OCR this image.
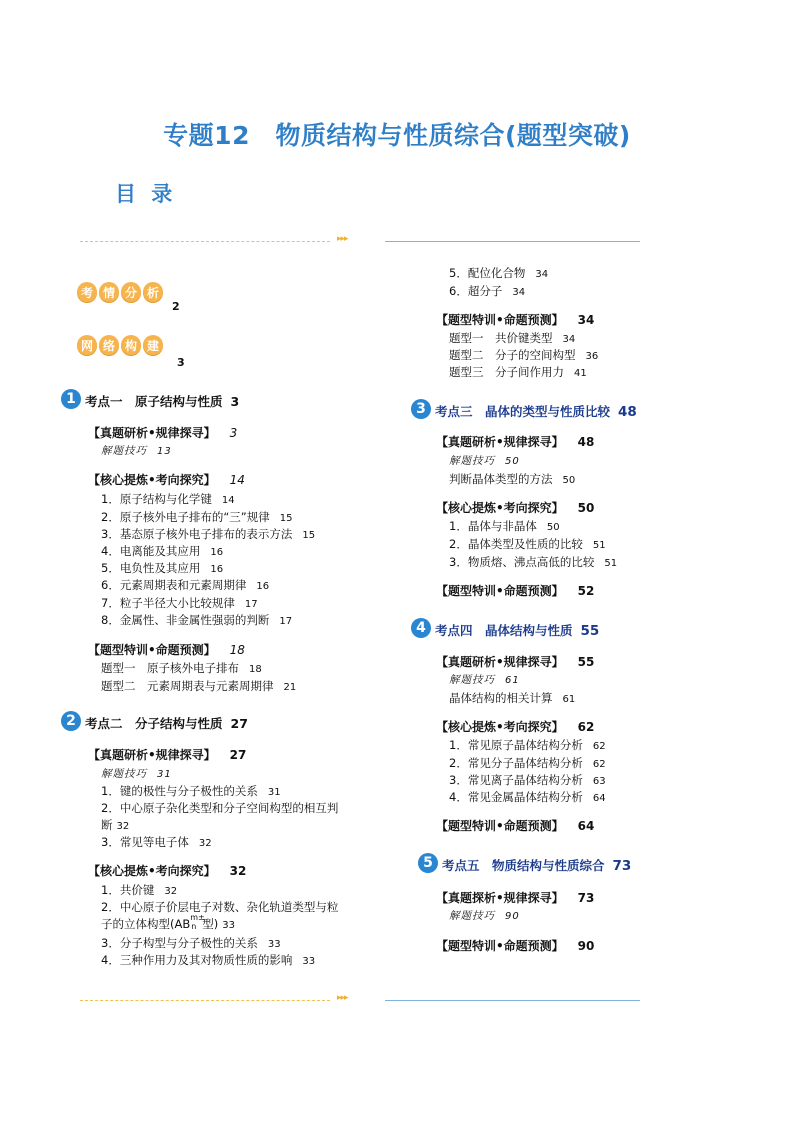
专题12　物质结构与性质综合(题型突破)
目 录
▸▸▸
考 情 分 析
2
网 络 构 建
3
1 考点一　原子结构与性质 3
【真题研析•规律探寻】 3
解题技巧 13
【核心提炼•考向探究】 14
1．原子结构与化学键 14
2．原子核外电子排布的“三”规律 15
3．基态原子核外电子排布的表示方法 15
4．电离能及其应用 16
5．电负性及其应用 16
6．元素周期表和元素周期律 16
7．粒子半径大小比较规律 17
8．金属性、非金属性强弱的判断 17
【题型特训•命题预测】 18
题型一　原子核外电子排布 18
题型二　元素周期表与元素周期律 21
2 考点二　分子结构与性质 27
【真题研析•规律探寻】 27
解题技巧 31
1．键的极性与分子极性的关系 31
2．中心原子杂化类型和分子空间构型的相互判
断 32
3．常见等电子体 32
【核心提炼•考向探究】 32
1．共价键 32
2．中心原子价层电子对数、杂化轨道类型与粒
子的立体构型(AB m±
n 型) 33
3．分子构型与分子极性的关系 33
4．三种作用力及其对物质性质的影响 33
5．配位化合物 34
6．超分子 34
【题型特训•命题预测】 34
题型一　共价键类型 34
题型二　分子的空间构型 36
题型三　分子间作用力 41
3 考点三　晶体的类型与性质比较 48
【真题研析•规律探寻】 48
解题技巧 50
判断晶体类型的方法 50
【核心提炼•考向探究】 50
1．晶体与非晶体 50
2．晶体类型及性质的比较 51
3．物质熔、沸点高低的比较 51
【题型特训•命题预测】 52
4 考点四　晶体结构与性质 55
【真题研析•规律探寻】 55
解题技巧 61
晶体结构的相关计算 61
【核心提炼•考向探究】 62
1．常见原子晶体结构分析 62
2．常见分子晶体结构分析 62
3．常见离子晶体结构分析 63
4．常见金属晶体结构分析 64
【题型特训•命题预测】 64
5 考点五　物质结构与性质综合 73
【真题探析•规律探寻】 73
解题技巧 90
【题型特训•命题预测】 90
▸▸▸
